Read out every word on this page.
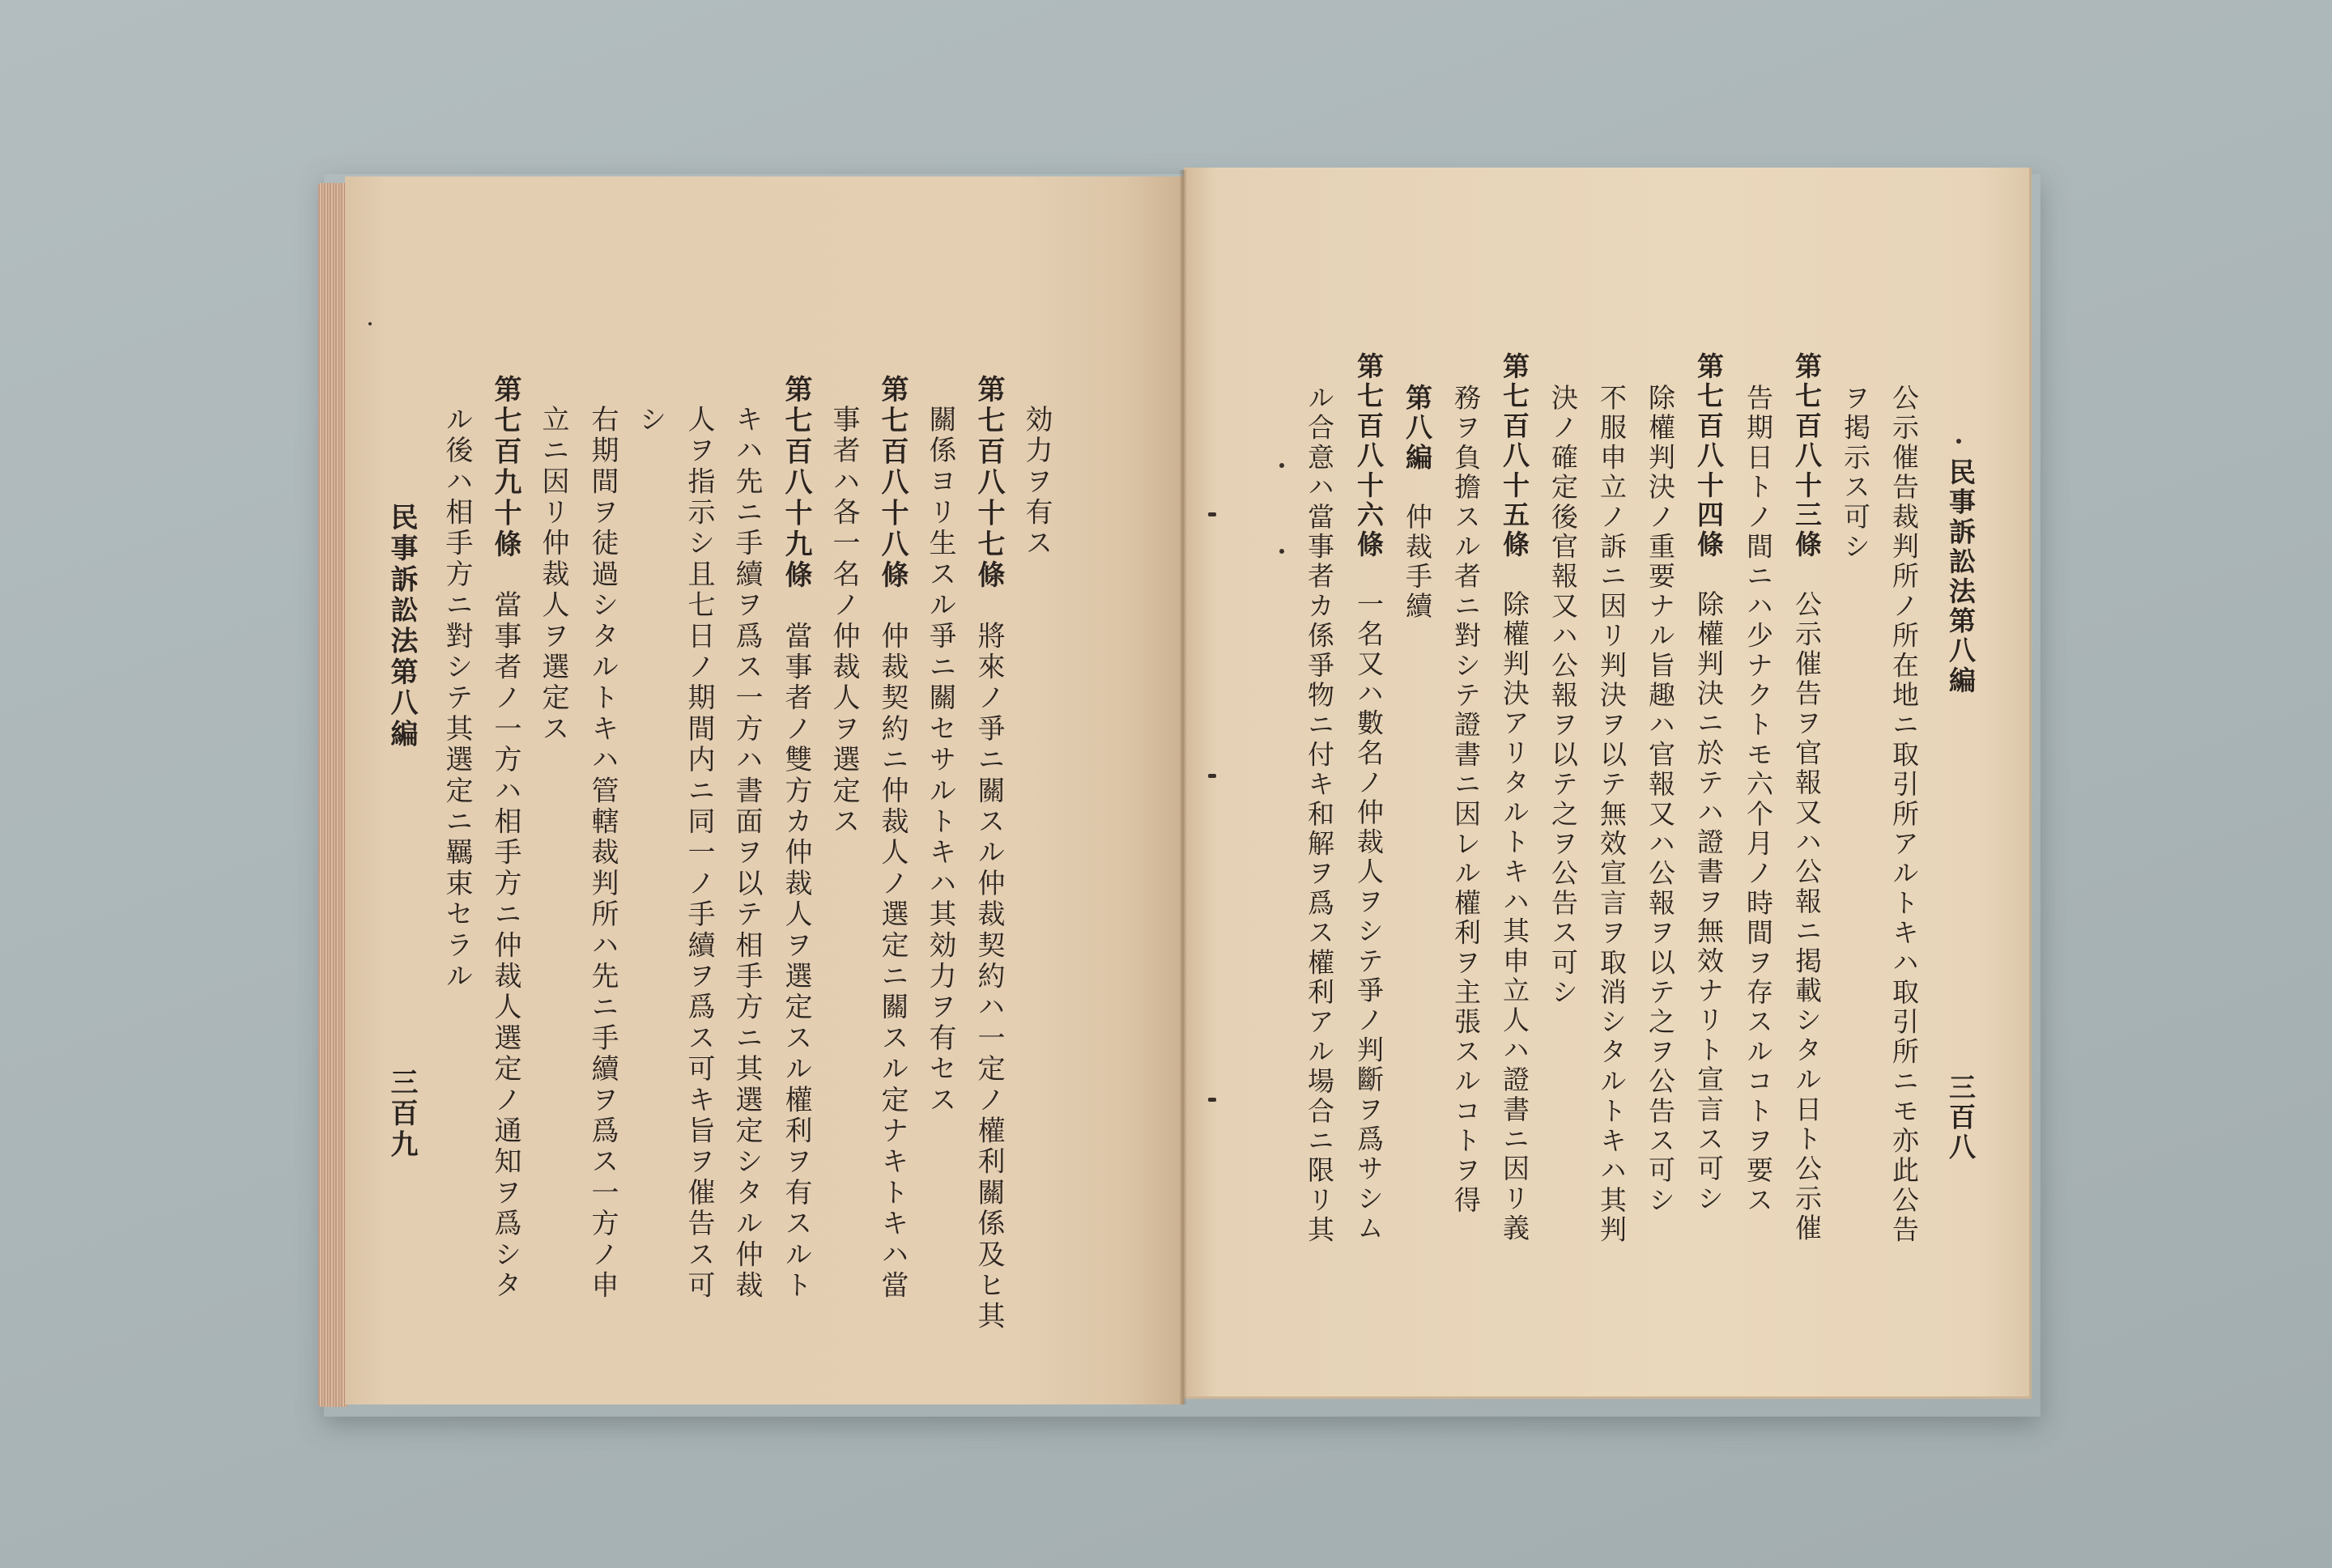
民事訴訟法第八編
三百八
公示催告裁判所ノ所在地ニ取引所アルトキハ取引所ニモ亦此公告
ヲ掲示ス可シ
第七百八十三條公示催告ヲ官報又ハ公報ニ掲載シタル日ト公示催
告期日トノ間ニハ少ナクトモ六个月ノ時間ヲ存スルコトヲ要ス
第七百八十四條除權判決ニ於テハ證書ヲ無效ナリト宣言ス可シ
除權判決ノ重要ナル旨趣ハ官報又ハ公報ヲ以テ之ヲ公告ス可シ
不服申立ノ訴ニ因リ判決ヲ以テ無效宣言ヲ取消シタルトキハ其判
決ノ確定後官報又ハ公報ヲ以テ之ヲ公告ス可シ
第七百八十五條除權判決アリタルトキハ其申立人ハ證書ニ因リ義
務ヲ負擔スル者ニ對シテ證書ニ因レル權利ヲ主張スルコトヲ得
第八編仲裁手續
第七百八十六條一名又ハ數名ノ仲裁人ヲシテ爭ノ判斷ヲ爲サシム
ル合意ハ當事者カ係爭物ニ付キ和解ヲ爲ス權利アル場合ニ限リ其
効力ヲ有ス
第七百八十七條將來ノ爭ニ關スル仲裁契約ハ一定ノ權利關係及ヒ其
關係ヨリ生スル爭ニ關セサルトキハ其効力ヲ有セス
第七百八十八條仲裁契約ニ仲裁人ノ選定ニ關スル定ナキトキハ當
事者ハ各一名ノ仲裁人ヲ選定ス
第七百八十九條當事者ノ雙方カ仲裁人ヲ選定スル權利ヲ有スルト
キハ先ニ手續ヲ爲ス一方ハ書面ヲ以テ相手方ニ其選定シタル仲裁
人ヲ指示シ且七日ノ期間内ニ同一ノ手續ヲ爲ス可キ旨ヲ催告ス可
シ
右期間ヲ徒過シタルトキハ管轄裁判所ハ先ニ手續ヲ爲ス一方ノ申
立ニ因リ仲裁人ヲ選定ス
第七百九十條當事者ノ一方ハ相手方ニ仲裁人選定ノ通知ヲ爲シタ
ル後ハ相手方ニ對シテ其選定ニ羈束セラル
民事訴訟法第八編
三百九
